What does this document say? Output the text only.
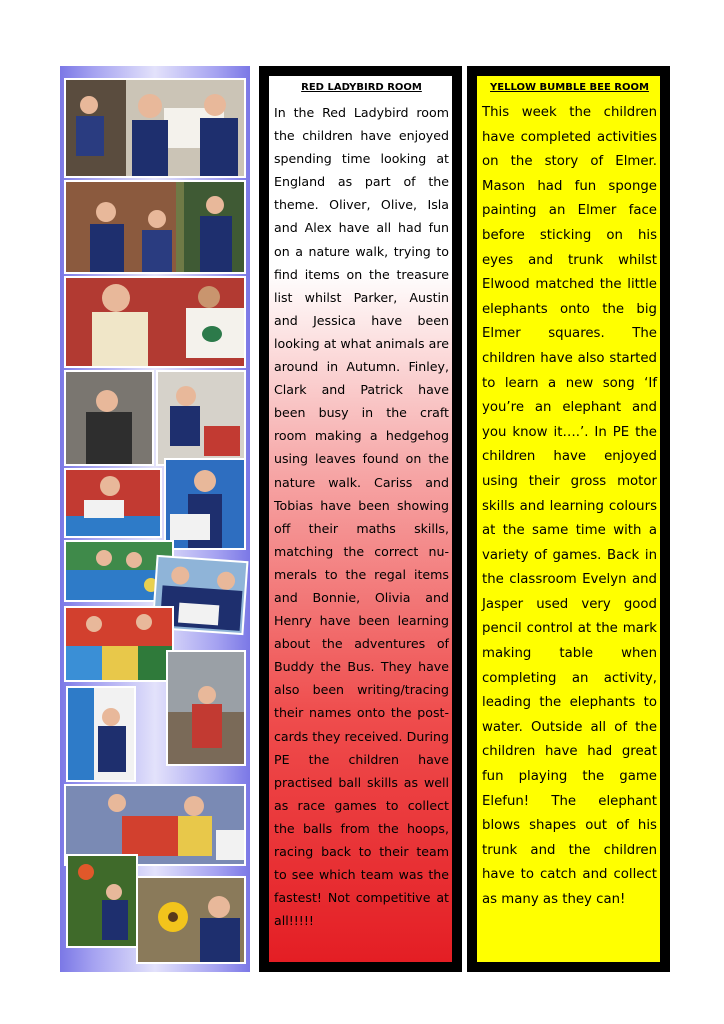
RED LADYBIRD ROOM

In the Red Ladybird room the children have enjoyed spending time looking at England as part of the theme. Oliver, Olive, Isla and Alex have all had fun on a nature walk, trying to find items on the treasure list whilst Parker, Austin and Jessica have been looking at what animals are around in Autumn. Finley, Clark and Patrick have been busy in the craft room making a hedgehog using leaves found on the nature walk. Cariss and Tobias have been showing off their maths skills, matching the correct numerals to the regal items and Bonnie, Olivia and Henry have been learning about the adventures of Buddy the Bus. They have also been writing/tracing their names onto the postcards they received. During PE the children have practised ball skills as well as race games to collect the balls from the hoops, racing back to their team to see which team was the fastest! Not competitive at all!!!!!

YELLOW BUMBLE BEE ROOM

This week the children have completed activities on the story of Elmer. Mason had fun sponge painting an Elmer face before sticking on his eyes and trunk whilst Elwood matched the little elephants onto the big Elmer squares. The children have also started to learn a new song ‘If you’re an elephant and you know it….’. In PE the children have enjoyed using their gross motor skills and learning colours at the same time with a variety of games. Back in the classroom Evelyn and Jasper used very good pencil control at the mark making table when completing an activity, leading the elephants to water. Outside all of the children have had great fun playing the game Elefun! The elephant blows shapes out of his trunk and the children have to catch and collect as many as they can!
